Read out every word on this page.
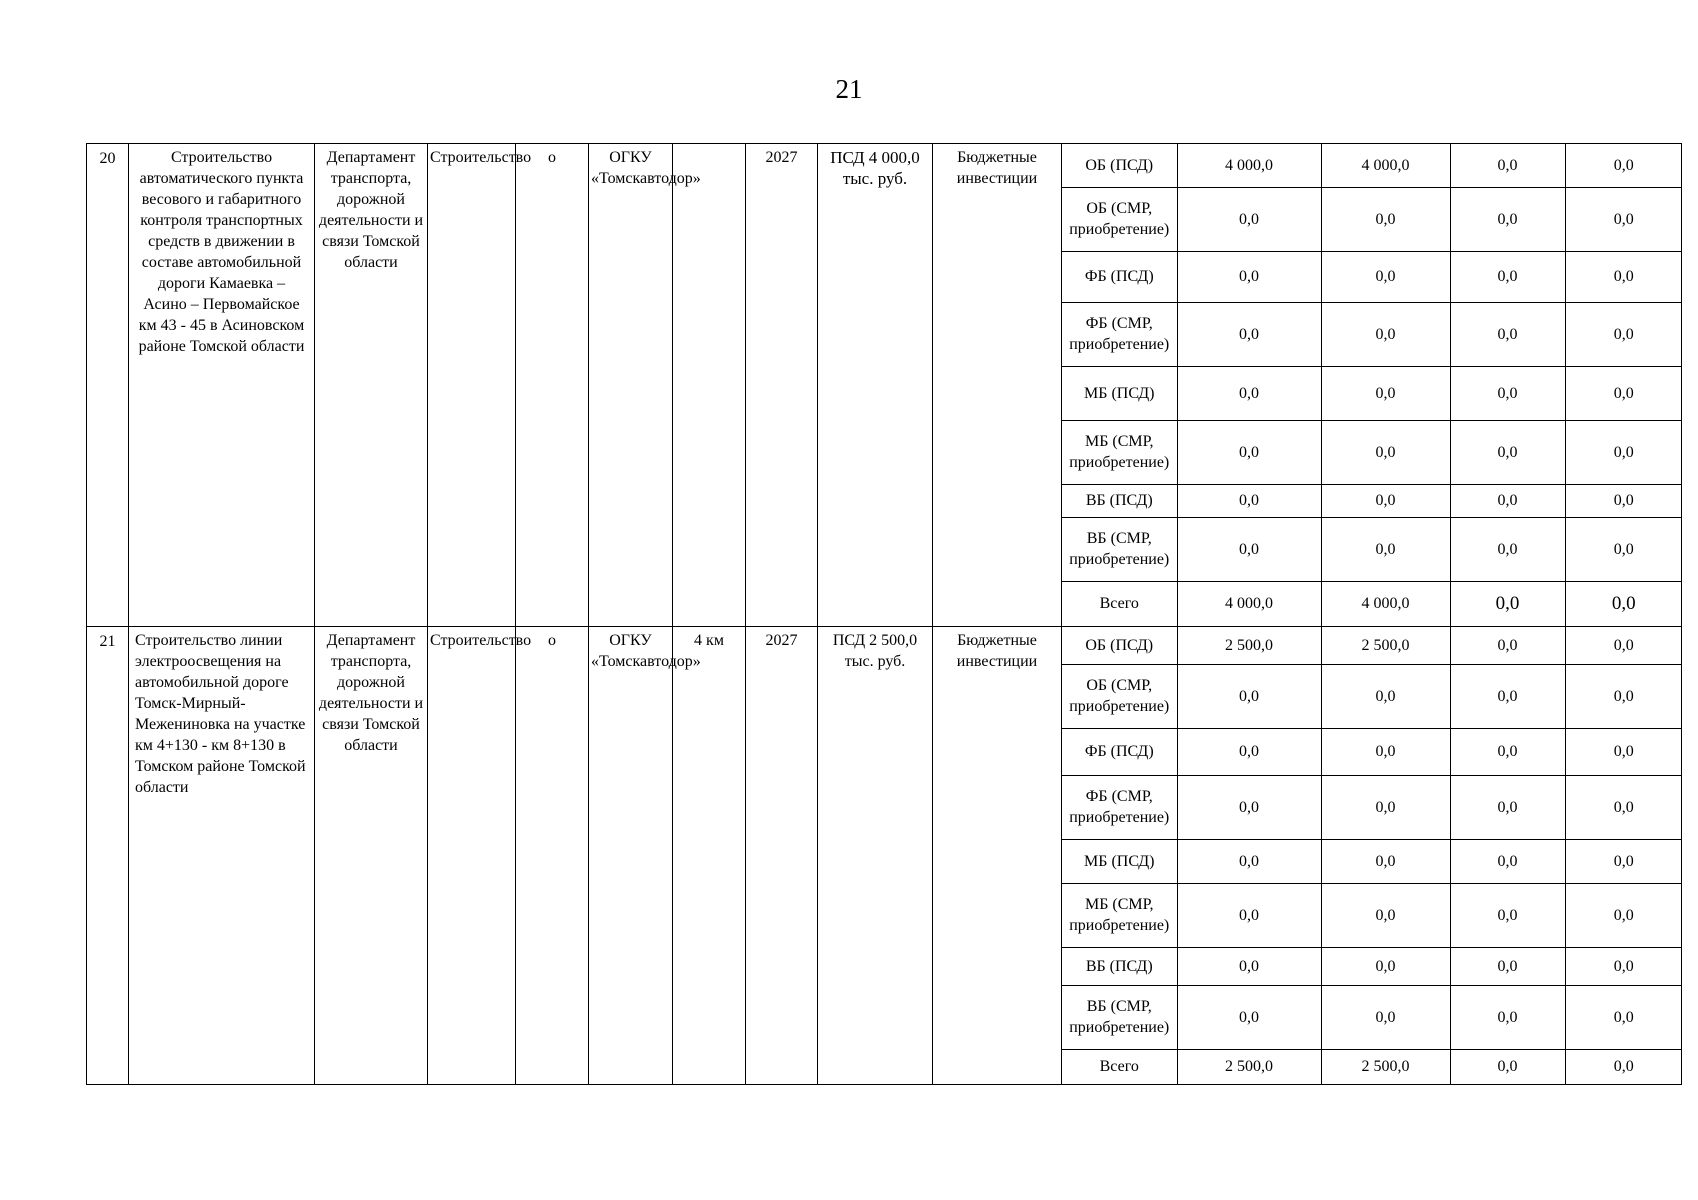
21
20	Строительство автоматического пункта весового и габаритного контроля транспортных средств в движении в составе автомобильной дороги Камаевка – Асино – Первомайское км 43 - 45 в Асиновском районе Томской области	Департамент транспорта, дорожной деятельности и связи Томской области	Строительство	о	ОГКУ «Томскавтодор»		2027	ПСД 4 000,0 тыс. руб.	Бюджетные инвестиции	
ОБ (ПСД)	4 000,0	4 000,0	0,0	0,0
ОБ (СМР, приобретение)	0,0	0,0	0,0	0,0
ФБ (ПСД)	0,0	0,0	0,0	0,0
ФБ (СМР, приобретение)	0,0	0,0	0,0	0,0
МБ (ПСД)	0,0	0,0	0,0	0,0
МБ (СМР, приобретение)	0,0	0,0	0,0	0,0
ВБ (ПСД)	0,0	0,0	0,0	0,0
ВБ (СМР, приобретение)	0,0	0,0	0,0	0,0
Всего	4 000,0	4 000,0	0,0	0,0

21	Строительство линии электроосвещения на автомобильной дороге Томск-Мирный-Межениновка на участке км 4+130 - км 8+130 в Томском районе Томской области	Департамент транспорта, дорожной деятельности и связи Томской области	Строительство	о	ОГКУ «Томскавтодор»	4 км	2027	ПСД 2 500,0 тыс. руб.	Бюджетные инвестиции	
ОБ (ПСД)	2 500,0	2 500,0	0,0	0,0
ОБ (СМР, приобретение)	0,0	0,0	0,0	0,0
ФБ (ПСД)	0,0	0,0	0,0	0,0
ФБ (СМР, приобретение)	0,0	0,0	0,0	0,0
МБ (ПСД)	0,0	0,0	0,0	0,0
МБ (СМР, приобретение)	0,0	0,0	0,0	0,0
ВБ (ПСД)	0,0	0,0	0,0	0,0
ВБ (СМР, приобретение)	0,0	0,0	0,0	0,0
Всего	2 500,0	2 500,0	0,0	0,0
